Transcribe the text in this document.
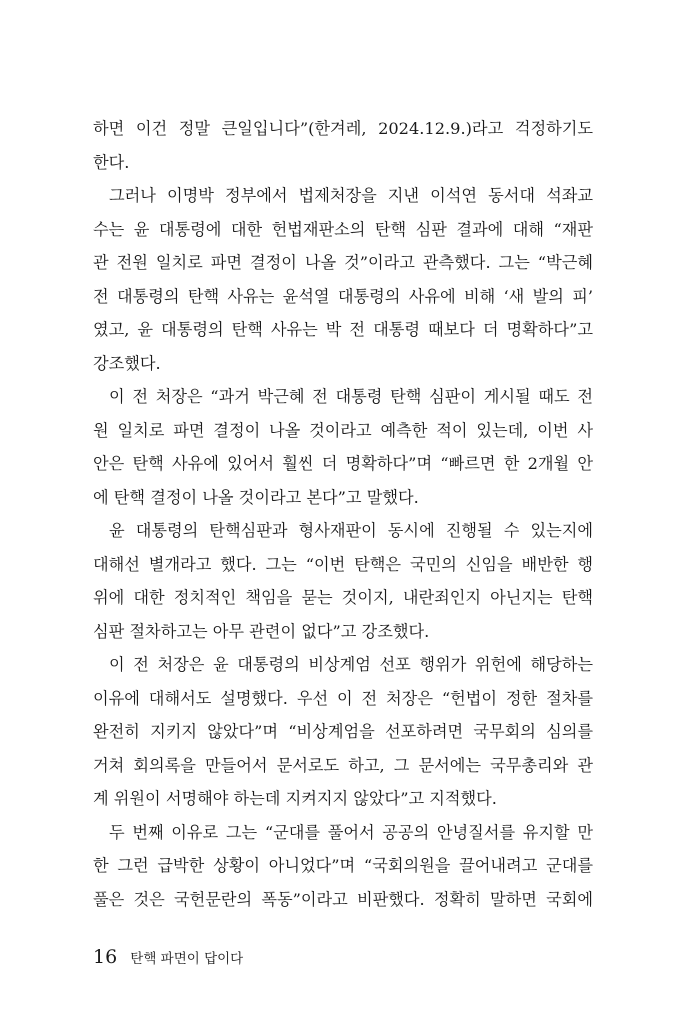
하면 이건 정말 큰일입니다”(한겨레, 2024.12.9.)라고 걱정하기도
한다.
그러나 이명박 정부에서 법제처장을 지낸 이석연 동서대 석좌교
수는 윤 대통령에 대한 헌법재판소의 탄핵 심판 결과에 대해 “재판
관 전원 일치로 파면 결정이 나올 것”이라고 관측했다. 그는 “박근혜
전 대통령의 탄핵 사유는 윤석열 대통령의 사유에 비해 ‘새 발의 피’
였고, 윤 대통령의 탄핵 사유는 박 전 대통령 때보다 더 명확하다”고
강조했다.
이 전 처장은 “과거 박근혜 전 대통령 탄핵 심판이 게시될 때도 전
원 일치로 파면 결정이 나올 것이라고 예측한 적이 있는데, 이번 사
안은 탄핵 사유에 있어서 훨씬 더 명확하다”며 “빠르면 한 2개월 안
에 탄핵 결정이 나올 것이라고 본다”고 말했다.
윤 대통령의 탄핵심판과 형사재판이 동시에 진행될 수 있는지에
대해선 별개라고 했다. 그는 “이번 탄핵은 국민의 신임을 배반한 행
위에 대한 정치적인 책임을 묻는 것이지, 내란죄인지 아닌지는 탄핵
심판 절차하고는 아무 관련이 없다”고 강조했다.
이 전 처장은 윤 대통령의 비상계엄 선포 행위가 위헌에 해당하는
이유에 대해서도 설명했다. 우선 이 전 처장은 “헌법이 정한 절차를
완전히 지키지 않았다”며 “비상계엄을 선포하려면 국무회의 심의를
거쳐 회의록을 만들어서 문서로도 하고, 그 문서에는 국무총리와 관
계 위원이 서명해야 하는데 지켜지지 않았다”고 지적했다.
두 번째 이유로 그는 “군대를 풀어서 공공의 안녕질서를 유지할 만
한 그런 급박한 상황이 아니었다”며 “국회의원을 끌어내려고 군대를
풀은 것은 국헌문란의 폭동”이라고 비판했다. 정확히 말하면 국회에
16 탄핵 파면이 답이다
